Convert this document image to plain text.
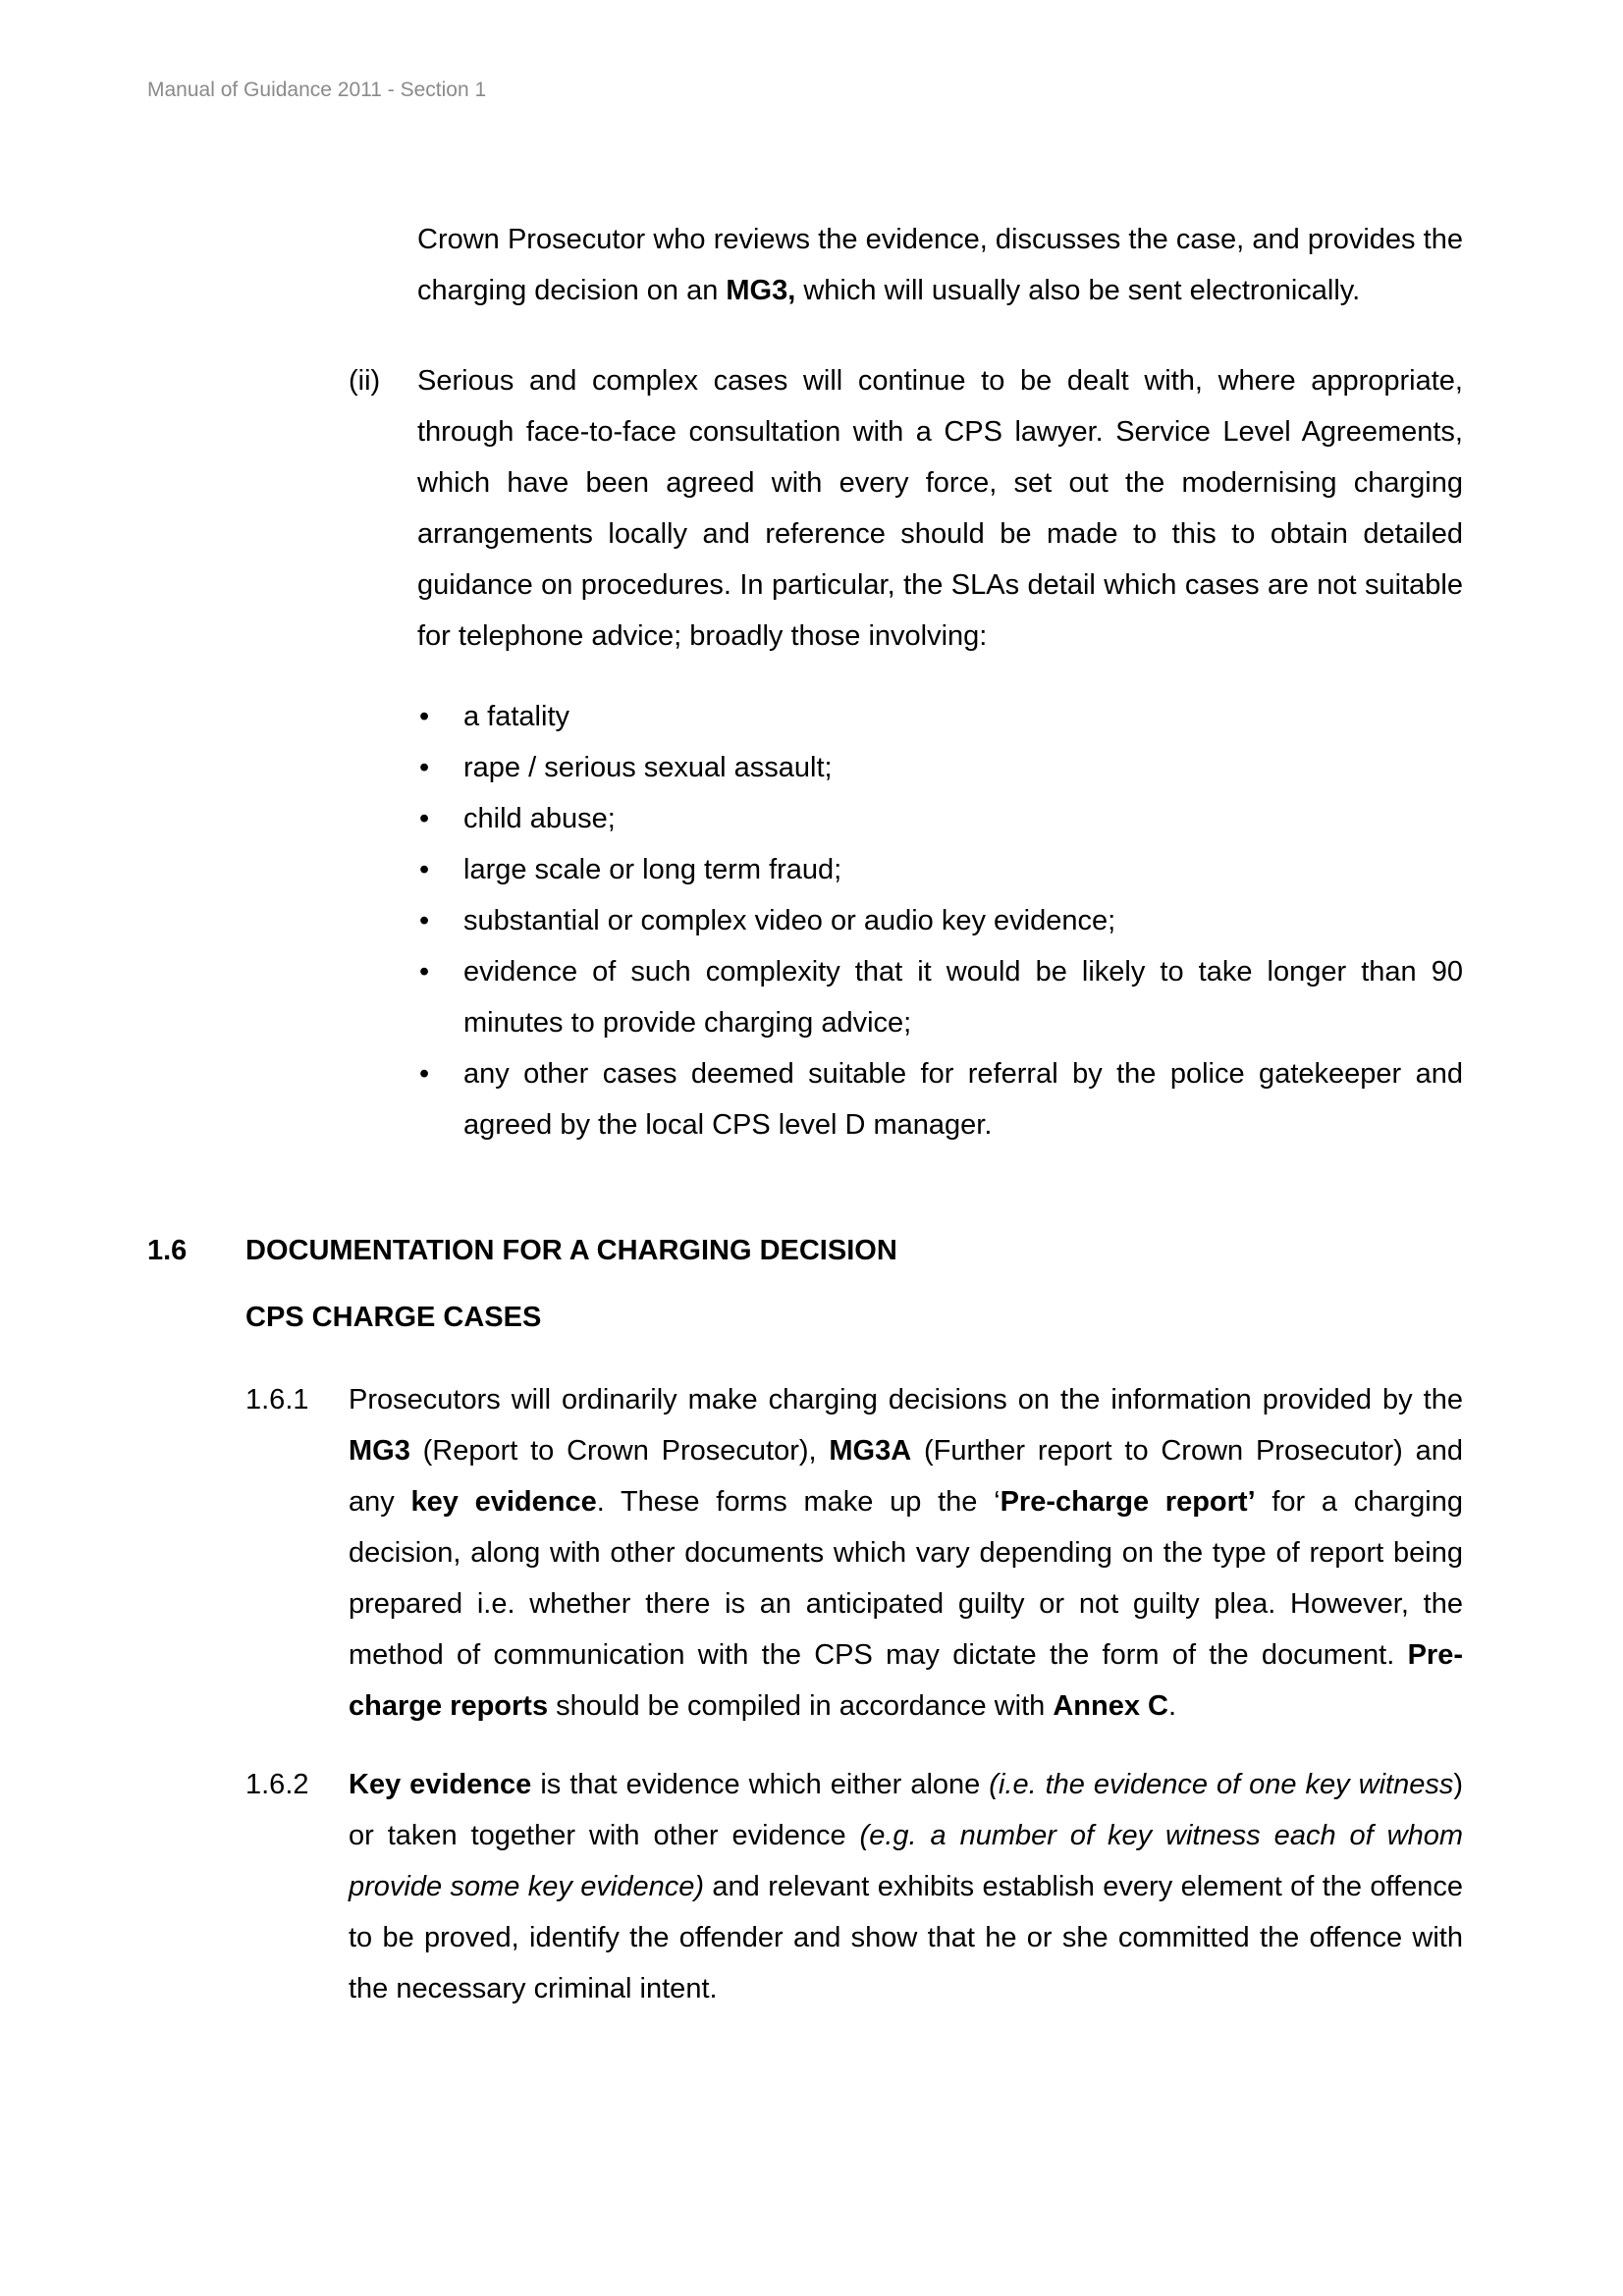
Manual of Guidance 2011 - Section 1

Crown Prosecutor who reviews the evidence, discusses the case, and provides the charging decision on an MG3, which will usually also be sent electronically.

(ii)	Serious and complex cases will continue to be dealt with, where appropriate, through face-to-face consultation with a CPS lawyer. Service Level Agreements, which have been agreed with every force, set out the modernising charging arrangements locally and reference should be made to this to obtain detailed guidance on procedures. In particular, the SLAs detail which cases are not suitable for telephone advice; broadly those involving:

• a fatality
• rape / serious sexual assault;
• child abuse;
• large scale or long term fraud;
• substantial or complex video or audio key evidence;
• evidence of such complexity that it would be likely to take longer than 90 minutes to provide charging advice;
• any other cases deemed suitable for referral by the police gatekeeper and agreed by the local CPS level D manager.
1.6	DOCUMENTATION FOR A CHARGING DECISION
CPS CHARGE CASES
1.6.1	Prosecutors will ordinarily make charging decisions on the information provided by the MG3 (Report to Crown Prosecutor), MG3A (Further report to Crown Prosecutor) and any key evidence. These forms make up the ‘Pre-charge report’ for a charging decision, along with other documents which vary depending on the type of report being prepared i.e. whether there is an anticipated guilty or not guilty plea. However, the method of communication with the CPS may dictate the form of the document. Pre-charge reports should be compiled in accordance with Annex C.

1.6.2	Key evidence is that evidence which either alone (i.e. the evidence of one key witness) or taken together with other evidence (e.g. a number of key witness each of whom provide some key evidence) and relevant exhibits establish every element of the offence to be proved, identify the offender and show that he or she committed the offence with the necessary criminal intent.
